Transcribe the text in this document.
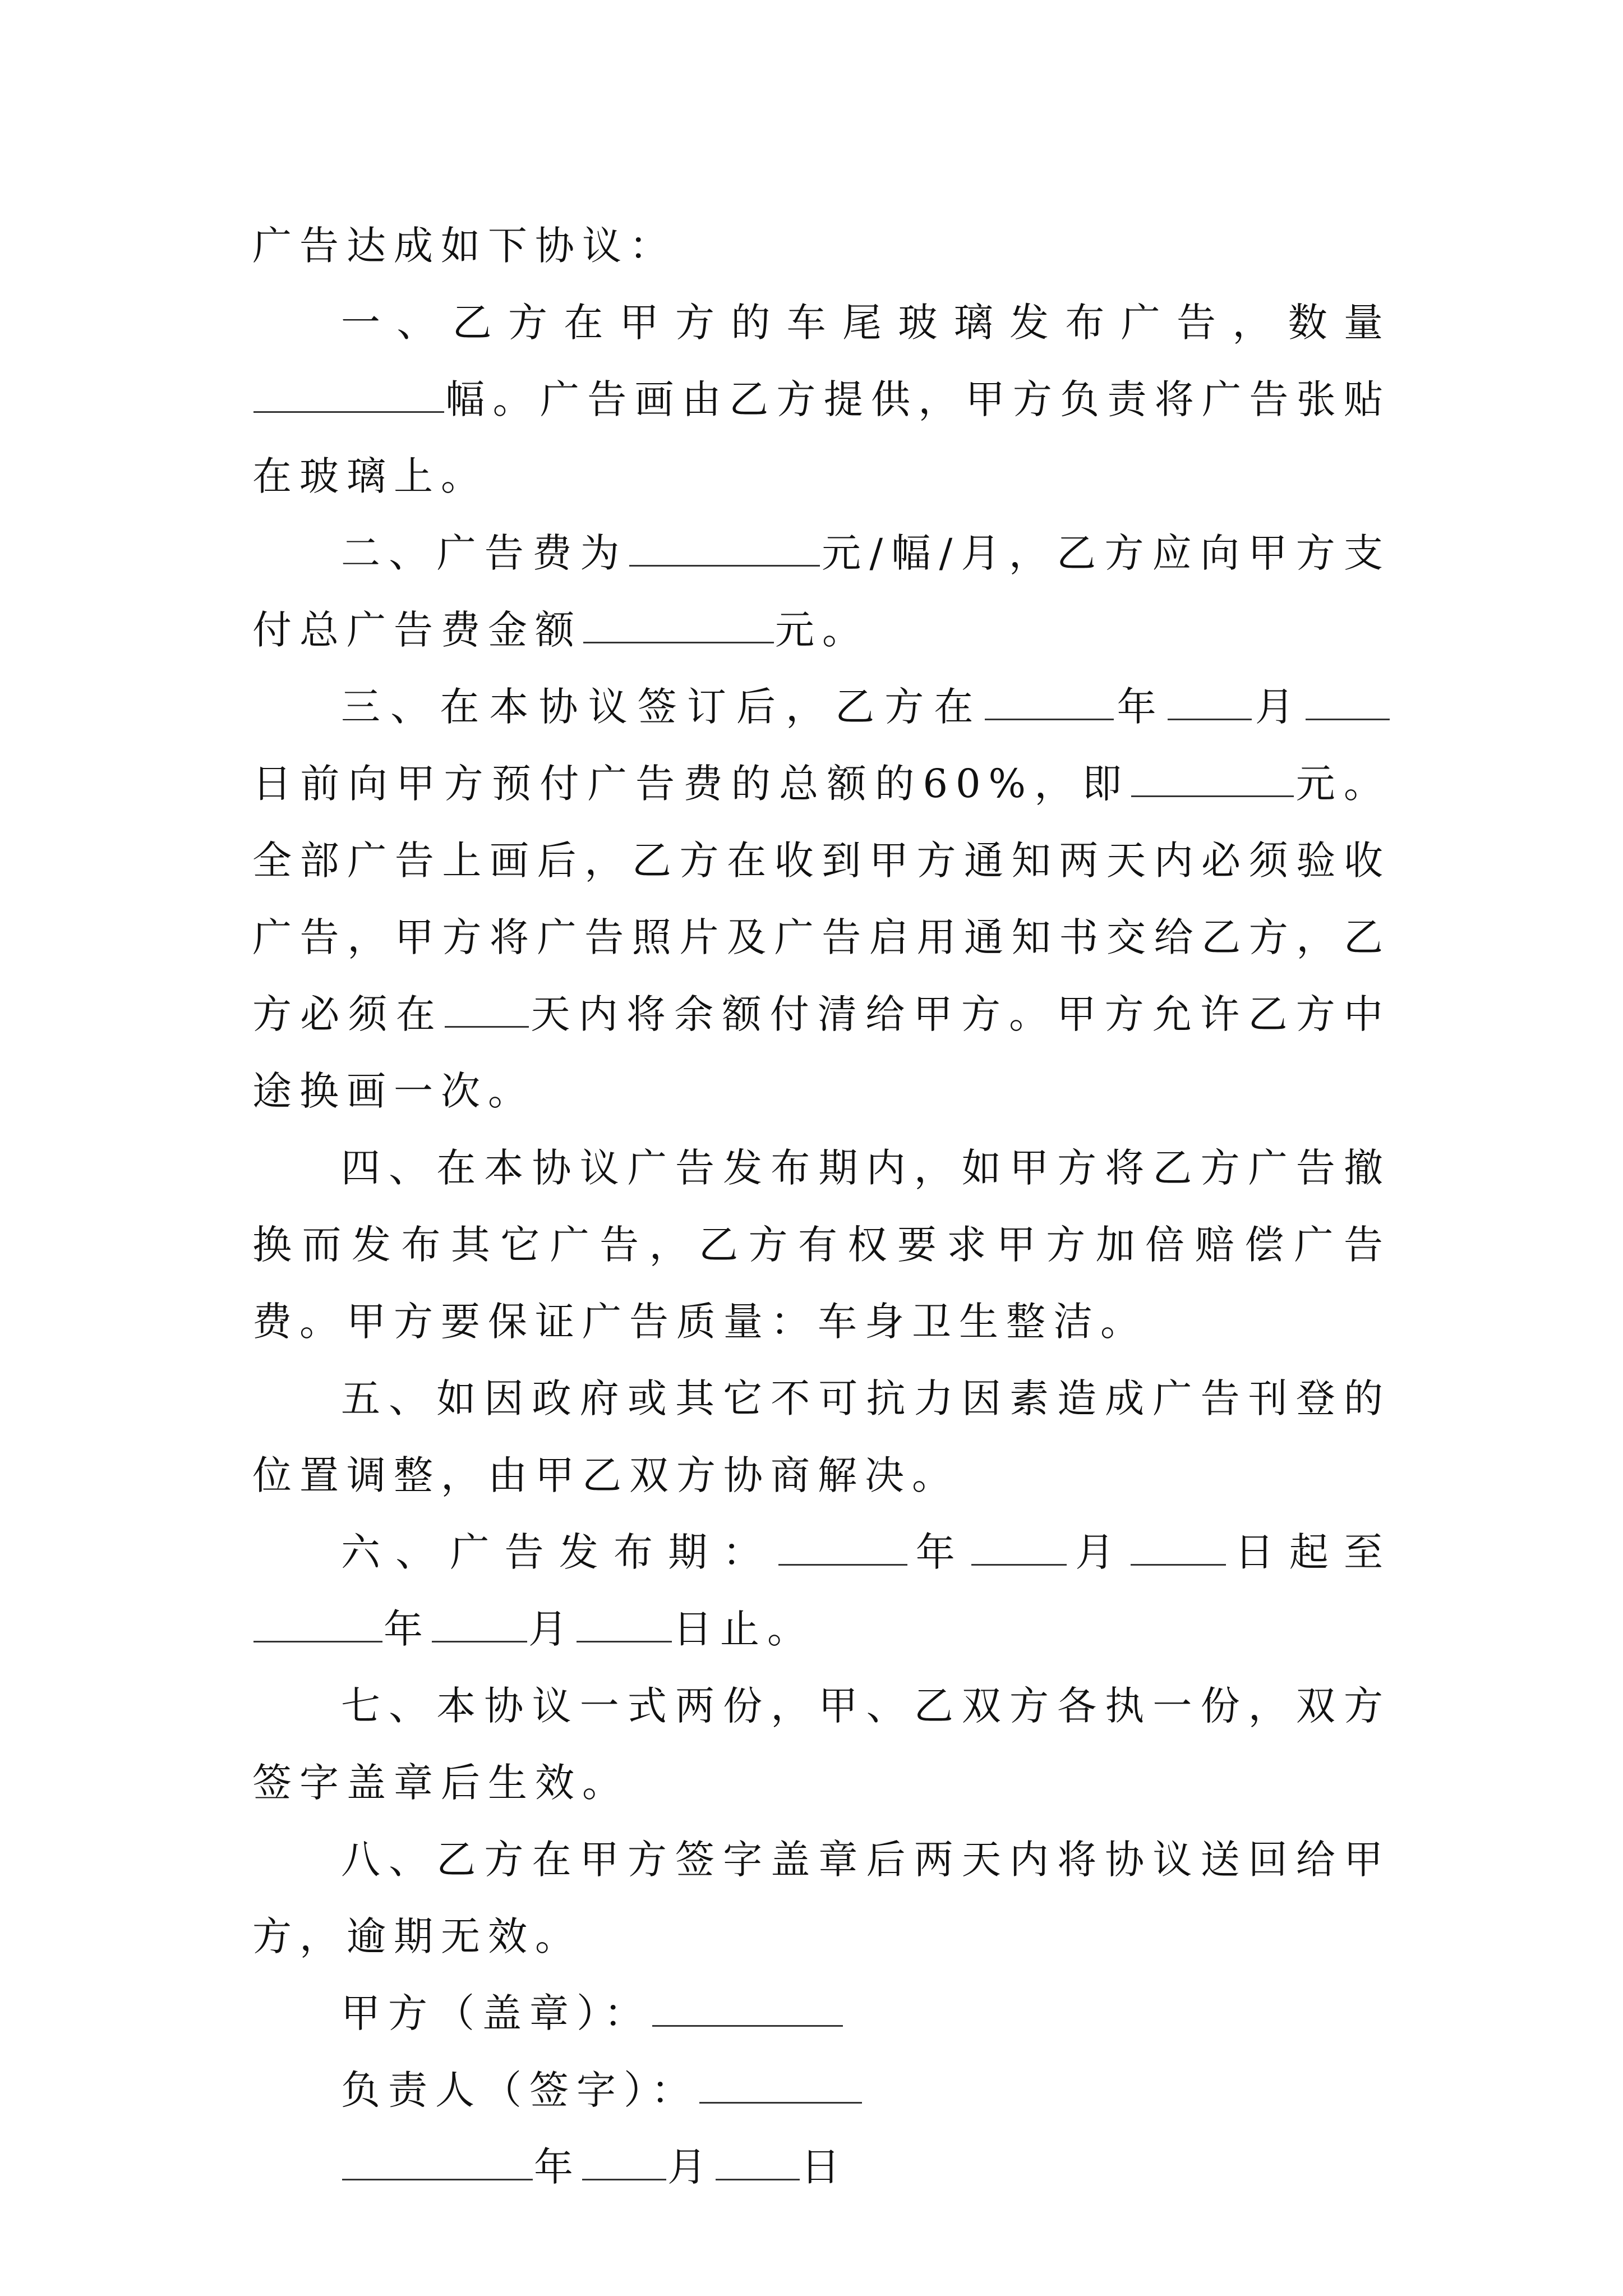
广告达成如下协议：

一、乙方在甲方的车尾玻璃发布广告，数量幅。广告画由乙方提供，甲方负责将广告张贴在玻璃上。

二、广告费为	元/幅/月，乙方应向甲方支付总广告费金额	元。

三、在本协议签订后，乙方在	年 月日前向甲方预付广告费的总额的60%，即	元。全部广告上画后，乙方在收到甲方通知两天内必须验收广告，甲方将广告照片及广告启用通知书交给乙方，乙方必须在 天内将余额付清给甲方。甲方允许乙方中途换画一次。

四、在本协议广告发布期内，如甲方将乙方广告撤换而发布其它广告，乙方有权要求甲方加倍赔偿广告费。甲方要保证广告质量：车身卫生整洁。

五、如因政府或其它不可抗力因素造成广告刊登的位置调整，由甲乙双方协商解决。

六、广告发布期：	年 月 日起至年 月 日止。

七、本协议一式两份，甲、乙双方各执一份，双方签字盖章后生效。

八、乙方在甲方签字盖章后两天内将协议送回给甲方，逾期无效。

甲方（盖章）：

负责人（签字）：

年 月 日
